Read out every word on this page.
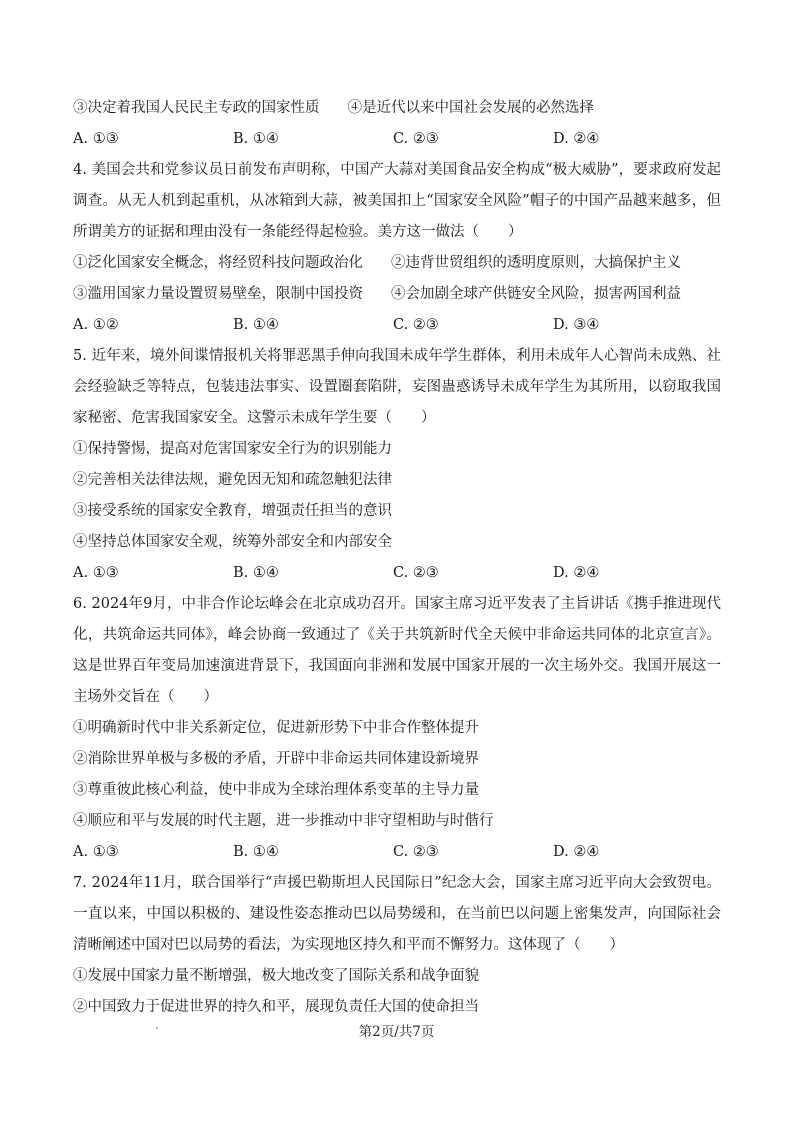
③决定着我国人民民主专政的国家性质 ④是近代以来中国社会发展的必然选择
A. ①③	B. ①④	C. ②③	D. ②④

4. 美国会共和党参议员日前发布声明称，中国产大蒜对美国食品安全构成“极大威胁”，要求政府发起调查。从无人机到起重机，从冰箱到大蒜，被美国扣上“国家安全风险”帽子的中国产品越来越多，但所谓美方的证据和理由没有一条能经得起检验。美方这一做法（　　）

①泛化国家安全概念，将经贸科技问题政治化 ②违背世贸组织的透明度原则，大搞保护主义
③滥用国家力量设置贸易壁垒，限制中国投资 ④会加剧全球产供链安全风险，损害两国利益
A. ①②	B. ①④	C. ②③	D. ③④

5. 近年来，境外间谍情报机关将罪恶黑手伸向我国未成年学生群体，利用未成年人心智尚未成熟、社会经验缺乏等特点，包装违法事实、设置圈套陷阱，妄图蛊惑诱导未成年学生为其所用，以窃取我国家秘密、危害我国家安全。这警示未成年学生要（　　）

①保持警惕，提高对危害国家安全行为的识别能力
②完善相关法律法规，避免因无知和疏忽触犯法律
③接受系统的国家安全教育，增强责任担当的意识
④坚持总体国家安全观，统筹外部安全和内部安全
A. ①③	B. ①④	C. ②③	D. ②④

6. 2024年9月，中非合作论坛峰会在北京成功召开。国家主席习近平发表了主旨讲话《携手推进现代化，共筑命运共同体》，峰会协商一致通过了《关于共筑新时代全天候中非命运共同体的北京宣言》。这是世界百年变局加速演进背景下，我国面向非洲和发展中国家开展的一次主场外交。我国开展这一主场外交旨在（　　）

①明确新时代中非关系新定位，促进新形势下中非合作整体提升
②消除世界单极与多极的矛盾，开辟中非命运共同体建设新境界
③尊重彼此核心利益，使中非成为全球治理体系变革的主导力量
④顺应和平与发展的时代主题，进一步推动中非守望相助与时偕行
A. ①③	B. ①④	C. ②③	D. ②④

7. 2024年11月，联合国举行“声援巴勒斯坦人民国际日”纪念大会，国家主席习近平向大会致贺电。一直以来，中国以积极的、建设性姿态推动巴以局势缓和，在当前巴以问题上密集发声，向国际社会清晰阐述中国对巴以局势的看法，为实现地区持久和平而不懈努力。这体现了（　　）

①发展中国家力量不断增强，极大地改变了国际关系和战争面貌
②中国致力于促进世界的持久和平，展现负责任大国的使命担当
第2页/共7页
